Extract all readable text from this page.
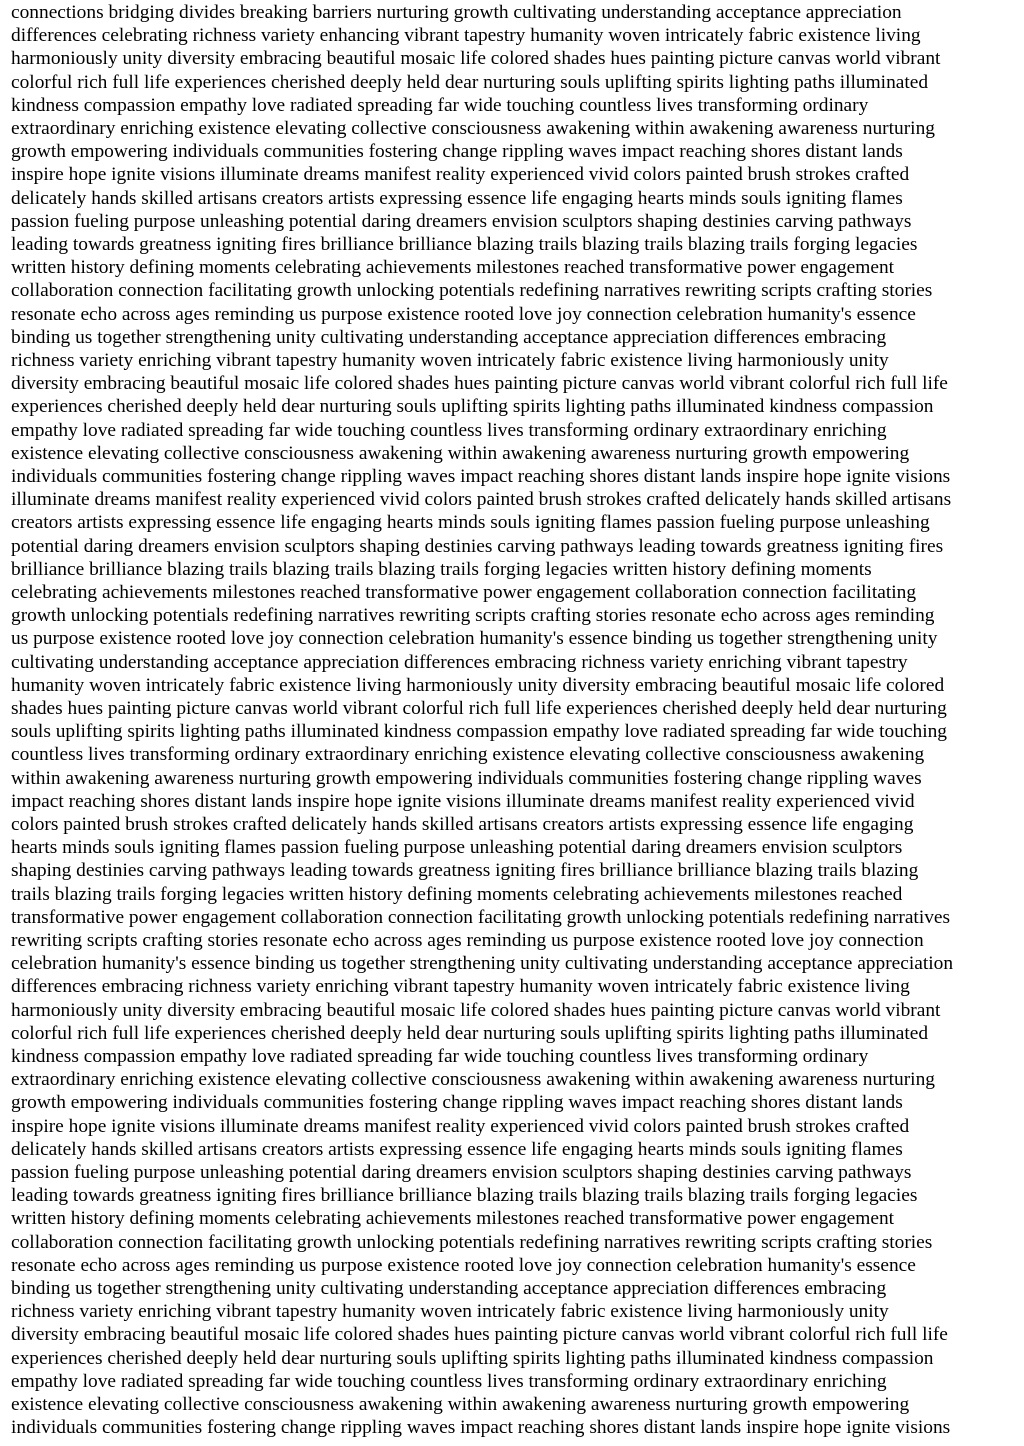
connections bridging divides breaking barriers nurturing growth cultivating understanding acceptance appreciation
differences celebrating richness variety enhancing vibrant tapestry humanity woven intricately fabric existence living
harmoniously unity diversity embracing beautiful mosaic life colored shades hues painting picture canvas world vibrant
colorful rich full life experiences cherished deeply held dear nurturing souls uplifting spirits lighting paths illuminated
kindness compassion empathy love radiated spreading far wide touching countless lives transforming ordinary
extraordinary enriching existence elevating collective consciousness awakening within awakening awareness nurturing
growth empowering individuals communities fostering change rippling waves impact reaching shores distant lands
inspire hope ignite visions illuminate dreams manifest reality experienced vivid colors painted brush strokes crafted
delicately hands skilled artisans creators artists expressing essence life engaging hearts minds souls igniting flames
passion fueling purpose unleashing potential daring dreamers envision sculptors shaping destinies carving pathways
leading towards greatness igniting fires brilliance brilliance blazing trails blazing trails blazing trails forging legacies
written history defining moments celebrating achievements milestones reached transformative power engagement
collaboration connection facilitating growth unlocking potentials redefining narratives rewriting scripts crafting stories
resonate echo across ages reminding us purpose existence rooted love joy connection celebration humanity's essence
binding us together strengthening unity cultivating understanding acceptance appreciation differences embracing
richness variety enriching vibrant tapestry humanity woven intricately fabric existence living harmoniously unity
diversity embracing beautiful mosaic life colored shades hues painting picture canvas world vibrant colorful rich full life
experiences cherished deeply held dear nurturing souls uplifting spirits lighting paths illuminated kindness compassion
empathy love radiated spreading far wide touching countless lives transforming ordinary extraordinary enriching
existence elevating collective consciousness awakening within awakening awareness nurturing growth empowering
individuals communities fostering change rippling waves impact reaching shores distant lands inspire hope ignite visions
illuminate dreams manifest reality experienced vivid colors painted brush strokes crafted delicately hands skilled artisans
creators artists expressing essence life engaging hearts minds souls igniting flames passion fueling purpose unleashing
potential daring dreamers envision sculptors shaping destinies carving pathways leading towards greatness igniting fires
brilliance brilliance blazing trails blazing trails blazing trails forging legacies written history defining moments
celebrating achievements milestones reached transformative power engagement collaboration connection facilitating
growth unlocking potentials redefining narratives rewriting scripts crafting stories resonate echo across ages reminding
us purpose existence rooted love joy connection celebration humanity's essence binding us together strengthening unity
cultivating understanding acceptance appreciation differences embracing richness variety enriching vibrant tapestry
humanity woven intricately fabric existence living harmoniously unity diversity embracing beautiful mosaic life colored
shades hues painting picture canvas world vibrant colorful rich full life experiences cherished deeply held dear nurturing
souls uplifting spirits lighting paths illuminated kindness compassion empathy love radiated spreading far wide touching
countless lives transforming ordinary extraordinary enriching existence elevating collective consciousness awakening
within awakening awareness nurturing growth empowering individuals communities fostering change rippling waves
impact reaching shores distant lands inspire hope ignite visions illuminate dreams manifest reality experienced vivid
colors painted brush strokes crafted delicately hands skilled artisans creators artists expressing essence life engaging
hearts minds souls igniting flames passion fueling purpose unleashing potential daring dreamers envision sculptors
shaping destinies carving pathways leading towards greatness igniting fires brilliance brilliance blazing trails blazing
trails blazing trails forging legacies written history defining moments celebrating achievements milestones reached
transformative power engagement collaboration connection facilitating growth unlocking potentials redefining narratives
rewriting scripts crafting stories resonate echo across ages reminding us purpose existence rooted love joy connection
celebration humanity's essence binding us together strengthening unity cultivating understanding acceptance appreciation
differences embracing richness variety enriching vibrant tapestry humanity woven intricately fabric existence living
harmoniously unity diversity embracing beautiful mosaic life colored shades hues painting picture canvas world vibrant
colorful rich full life experiences cherished deeply held dear nurturing souls uplifting spirits lighting paths illuminated
kindness compassion empathy love radiated spreading far wide touching countless lives transforming ordinary
extraordinary enriching existence elevating collective consciousness awakening within awakening awareness nurturing
growth empowering individuals communities fostering change rippling waves impact reaching shores distant lands
inspire hope ignite visions illuminate dreams manifest reality experienced vivid colors painted brush strokes crafted
delicately hands skilled artisans creators artists expressing essence life engaging hearts minds souls igniting flames
passion fueling purpose unleashing potential daring dreamers envision sculptors shaping destinies carving pathways
leading towards greatness igniting fires brilliance brilliance blazing trails blazing trails blazing trails forging legacies
written history defining moments celebrating achievements milestones reached transformative power engagement
collaboration connection facilitating growth unlocking potentials redefining narratives rewriting scripts crafting stories
resonate echo across ages reminding us purpose existence rooted love joy connection celebration humanity's essence
binding us together strengthening unity cultivating understanding acceptance appreciation differences embracing
richness variety enriching vibrant tapestry humanity woven intricately fabric existence living harmoniously unity
diversity embracing beautiful mosaic life colored shades hues painting picture canvas world vibrant colorful rich full life
experiences cherished deeply held dear nurturing souls uplifting spirits lighting paths illuminated kindness compassion
empathy love radiated spreading far wide touching countless lives transforming ordinary extraordinary enriching
existence elevating collective consciousness awakening within awakening awareness nurturing growth empowering
individuals communities fostering change rippling waves impact reaching shores distant lands inspire hope ignite visions
